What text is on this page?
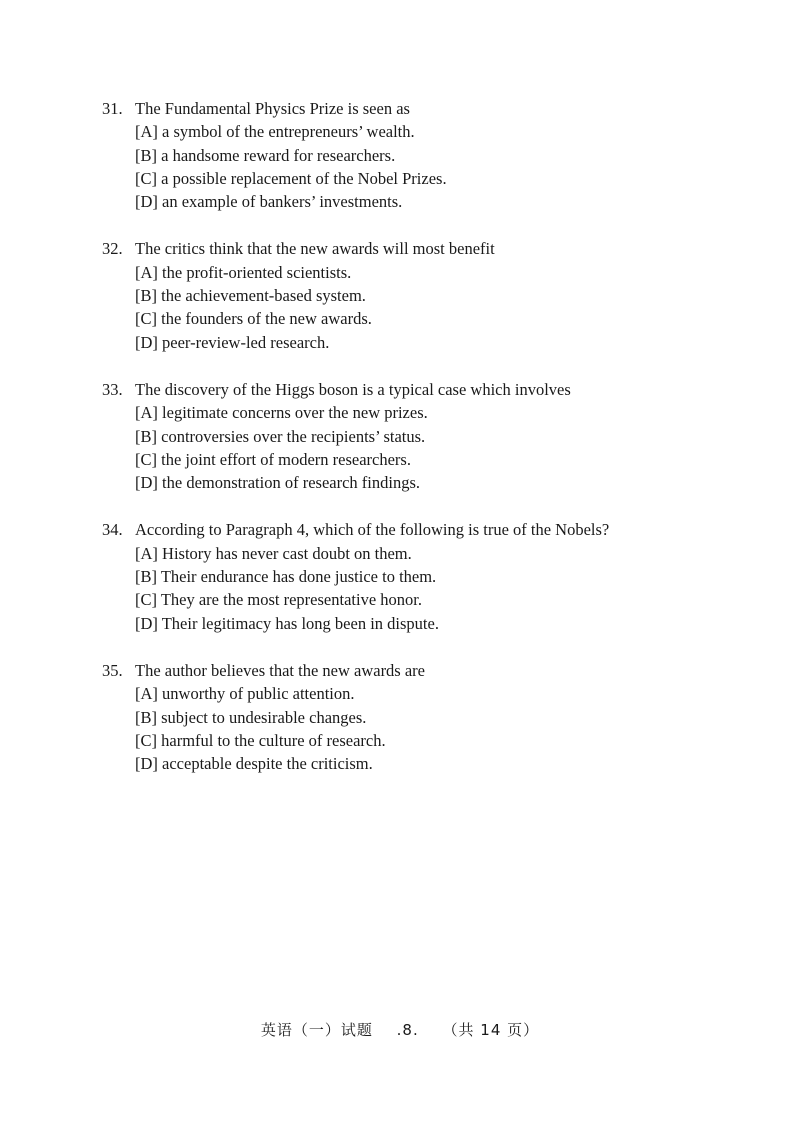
31. The Fundamental Physics Prize is seen as
[A] a symbol of the entrepreneurs’ wealth.
[B] a handsome reward for researchers.
[C] a possible replacement of the Nobel Prizes.
[D] an example of bankers’ investments.
32. The critics think that the new awards will most benefit
[A] the profit-oriented scientists.
[B] the achievement-based system.
[C] the founders of the new awards.
[D] peer-review-led research.
33. The discovery of the Higgs boson is a typical case which involves
[A] legitimate concerns over the new prizes.
[B] controversies over the recipients’ status.
[C] the joint effort of modern researchers.
[D] the demonstration of research findings.
34. According to Paragraph 4, which of the following is true of the Nobels?
[A] History has never cast doubt on them.
[B] Their endurance has done justice to them.
[C] They are the most representative honor.
[D] Their legitimacy has long been in dispute.
35. The author believes that the new awards are
[A] unworthy of public attention.
[B] subject to undesirable changes.
[C] harmful to the culture of research.
[D] acceptable despite the criticism.
英语（一）试题 .8. （共 14 页）
